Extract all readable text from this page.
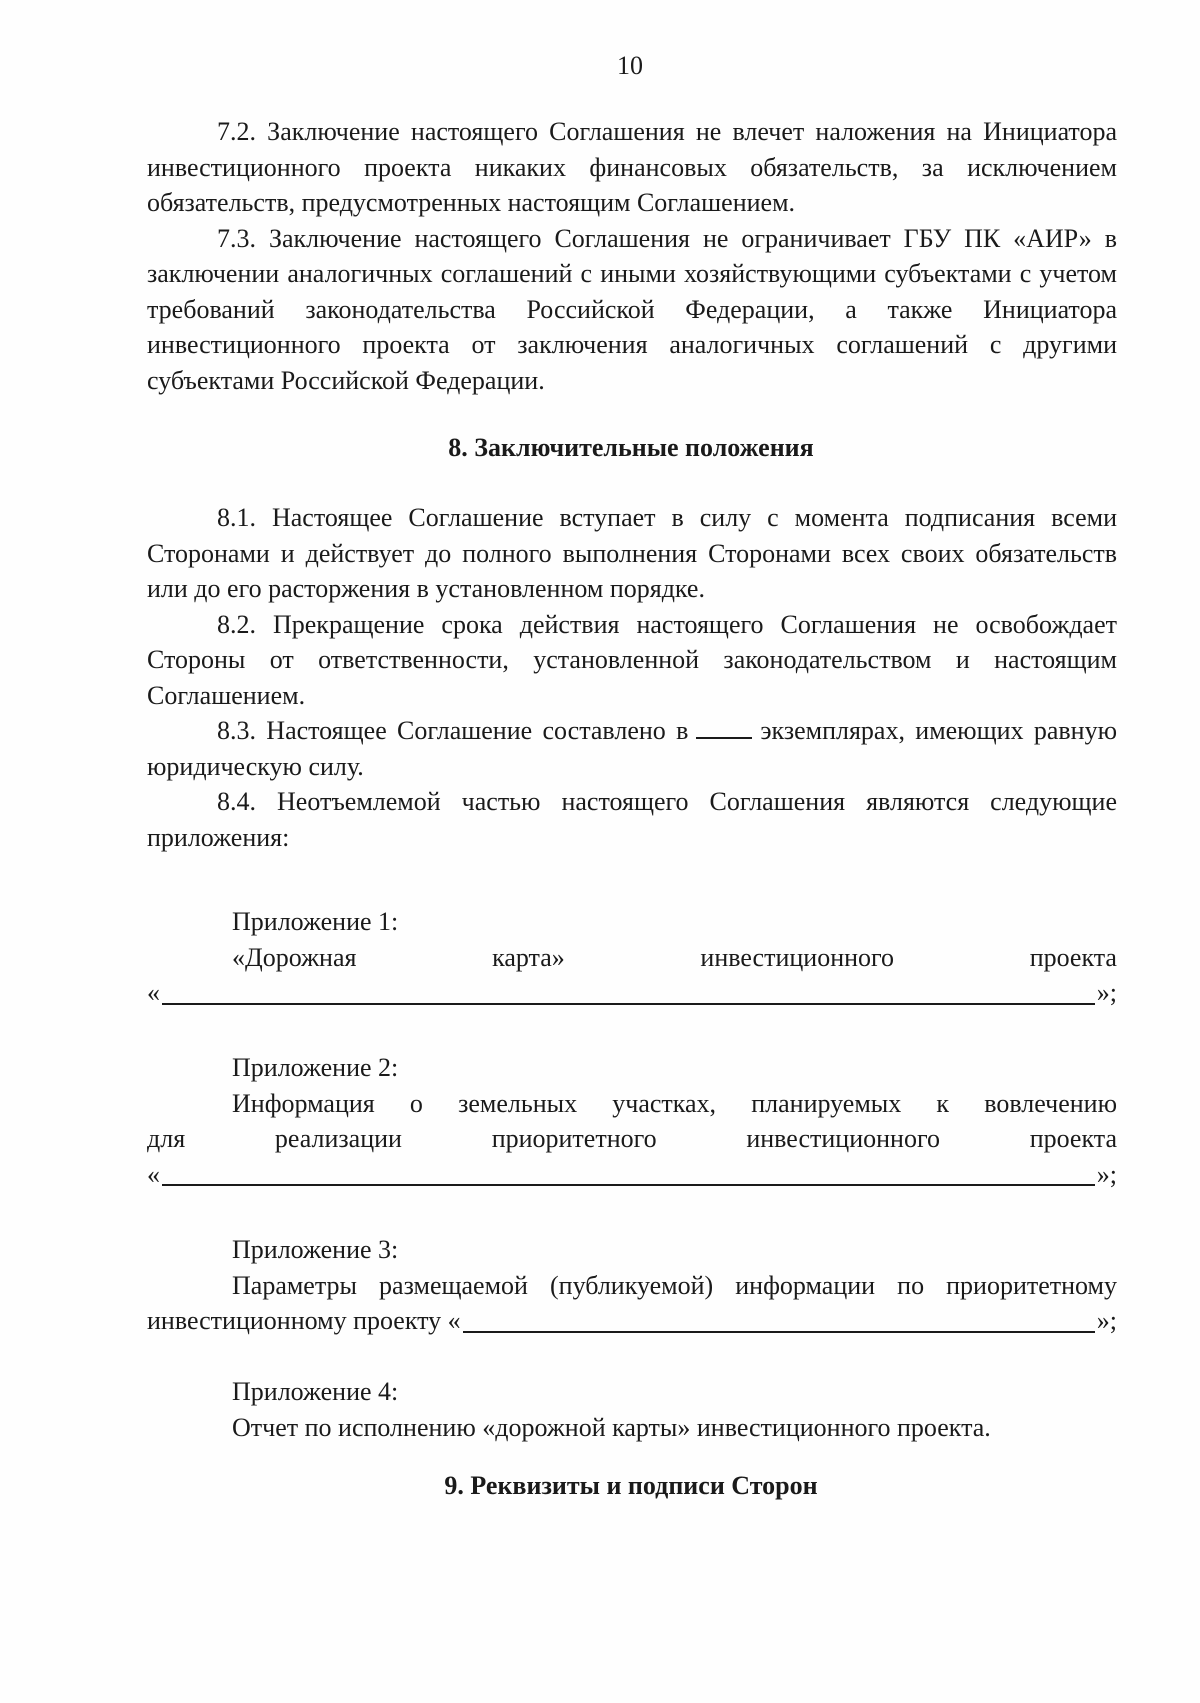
10

7.2. Заключение настоящего Соглашения не влечет наложения на Инициатора инвестиционного проекта никаких финансовых обязательств, за исключением обязательств, предусмотренных настоящим Соглашением.

7.3. Заключение настоящего Соглашения не ограничивает ГБУ ПК «АИР» в заключении аналогичных соглашений с иными хозяйствующими субъектами с учетом требований законодательства Российской Федерации, а также Инициатора инвестиционного проекта от заключения аналогичных соглашений с другими субъектами Российской Федерации.

8. Заключительные положения

8.1. Настоящее Соглашение вступает в силу с момента подписания всеми Сторонами и действует до полного выполнения Сторонами всех своих обязательств или до его расторжения в установленном порядке.

8.2. Прекращение срока действия настоящего Соглашения не освобождает Стороны от ответственности, установленной законодательством и настоящим Соглашением.

8.3. Настоящее Соглашение составлено в	экземплярах, имеющих равную юридическую силу.

8.4. Неотъемлемой частью настоящего Соглашения являются следующие приложения:

Приложение 1:

«Дорожная	карта»	инвестиционного	проекта
«	»;

Приложение 2:

Информация о земельных участках, планируемых к вовлечению

для	реализации	приоритетного	инвестиционного	проекта
«	»;

Приложение 3:

Параметры размещаемой (публикуемой) информации по приоритетному

инвестиционному проекту «	»;

Приложение 4:

Отчет по исполнению «дорожной карты» инвестиционного проекта.

9. Реквизиты и подписи Сторон
